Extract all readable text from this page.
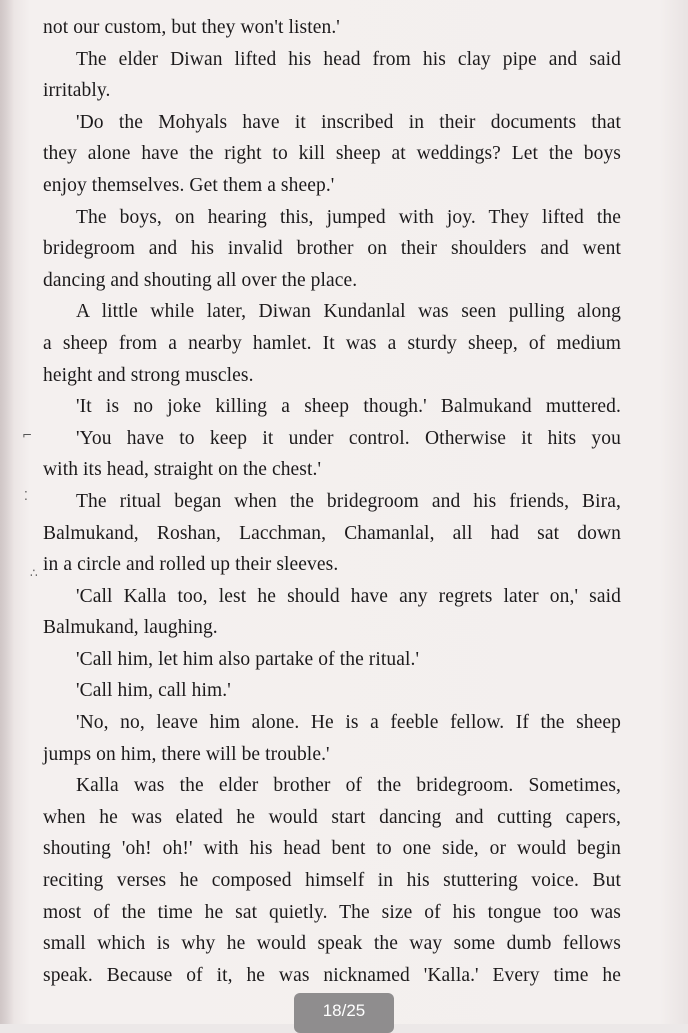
⌐
⁚
∴
not our custom, but they won't listen.'
The elder Diwan lifted his head from his clay pipe and said
irritably.
'Do the Mohyals have it inscribed in their documents that
they alone have the right to kill sheep at weddings? Let the boys
enjoy themselves. Get them a sheep.'
The boys, on hearing this, jumped with joy. They lifted the
bridegroom and his invalid brother on their shoulders and went
dancing and shouting all over the place.
A little while later, Diwan Kundanlal was seen pulling along
a sheep from a nearby hamlet. It was a sturdy sheep, of medium
height and strong muscles.
'It is no joke killing a sheep though.' Balmukand muttered.
'You have to keep it under control. Otherwise it hits you
with its head, straight on the chest.'
The ritual began when the bridegroom and his friends, Bira,
Balmukand, Roshan, Lacchman, Chamanlal, all had sat down
in a circle and rolled up their sleeves.
'Call Kalla too, lest he should have any regrets later on,' said
Balmukand, laughing.
'Call him, let him also partake of the ritual.'
'Call him, call him.'
'No, no, leave him alone. He is a feeble fellow. If the sheep
jumps on him, there will be trouble.'
Kalla was the elder brother of the bridegroom. Sometimes,
when he was elated he would start dancing and cutting capers,
shouting 'oh! oh!' with his head bent to one side, or would begin
reciting verses he composed himself in his stuttering voice. But
most of the time he sat quietly. The size of his tongue too was
small which is why he would speak the way some dumb fellows
speak. Because of it, he was nicknamed 'Kalla.' Every time he
18/25
